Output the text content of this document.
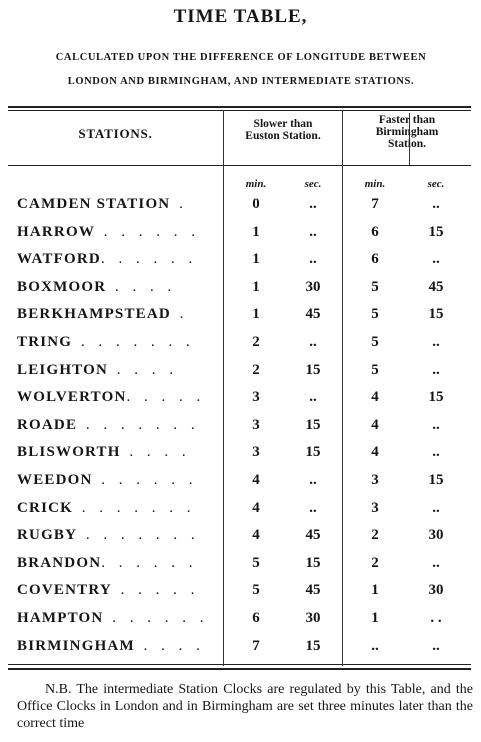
TIME TABLE,
CALCULATED UPON THE DIFFERENCE OF LONGITUDE BETWEEN
LONDON AND BIRMINGHAM, AND INTERMEDIATE STATIONS.
STATIONS.
Slower than
Euston Station.
Faster than
Birmingham
Station.
min.	sec.	min.	sec.
CAMDEN STATION .	0	..	7	..
HARROW . . . . . .	1	..	6	15
WATFORD. . . . . .	1	..	6	..
BOXMOOR . . . .	1	30	5	45
BERKHAMPSTEAD .	1	45	5	15
TRING . . . . . . .	2	..	5	..
LEIGHTON . . . .	2	15	5	..
WOLVERTON. . . . .	3	..	4	15
ROADE . . . . . . .	3	15	4	..
BLISWORTH . . . .	3	15	4	..
WEEDON . . . . . .	4	..	3	15
CRICK . . . . . . .	4	..	3	..
RUGBY . . . . . . .	4	45	2	30
BRANDON. . . . . .	5	15	2	..
COVENTRY . . . . .	5	45	1	30
HAMPTON . . . . . .	6	30	1	. .
BIRMINGHAM . . . .	7	15	..	..
N.B. The intermediate Station Clocks are regulated by this Table, and the Office Clocks in London and in Birmingham are set three minutes later than the correct time
